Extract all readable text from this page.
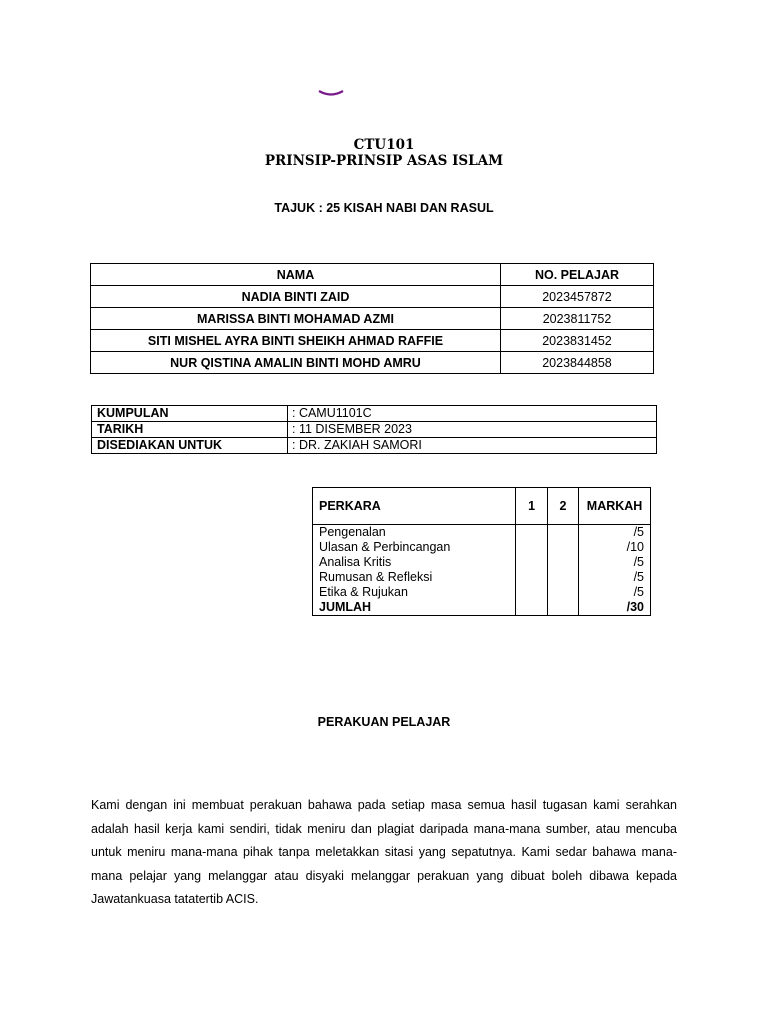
CTU101
PRINSIP-PRINSIP ASAS ISLAM
TAJUK : 25 KISAH NABI DAN RASUL
NAMA	NO. PELAJAR
NADIA BINTI ZAID	2023457872
MARISSA BINTI MOHAMAD AZMI	2023811752
SITI MISHEL AYRA BINTI SHEIKH AHMAD RAFFIE	2023831452
NUR QISTINA AMALIN BINTI MOHD AMRU	2023844858
KUMPULAN	: CAMU1101C
TARIKH	: 11 DISEMBER 2023
DISEDIAKAN UNTUK	: DR. ZAKIAH SAMORI
PERKARA	1	2	MARKAH
Pengenalan			/5
Ulasan & Perbincangan			/10
Analisa Kritis			/5
Rumusan & Refleksi			/5
Etika & Rujukan			/5
JUMLAH			/30
PERAKUAN PELAJAR
Kami dengan ini membuat perakuan bahawa pada setiap masa semua hasil tugasan kami serahkan adalah hasil kerja kami sendiri, tidak meniru dan plagiat daripada mana-mana sumber, atau mencuba untuk meniru mana-mana pihak tanpa meletakkan sitasi yang sepatutnya. Kami sedar bahawa mana-mana pelajar yang melanggar atau disyaki melanggar perakuan yang dibuat boleh dibawa kepada Jawatankuasa tatatertib ACIS.
